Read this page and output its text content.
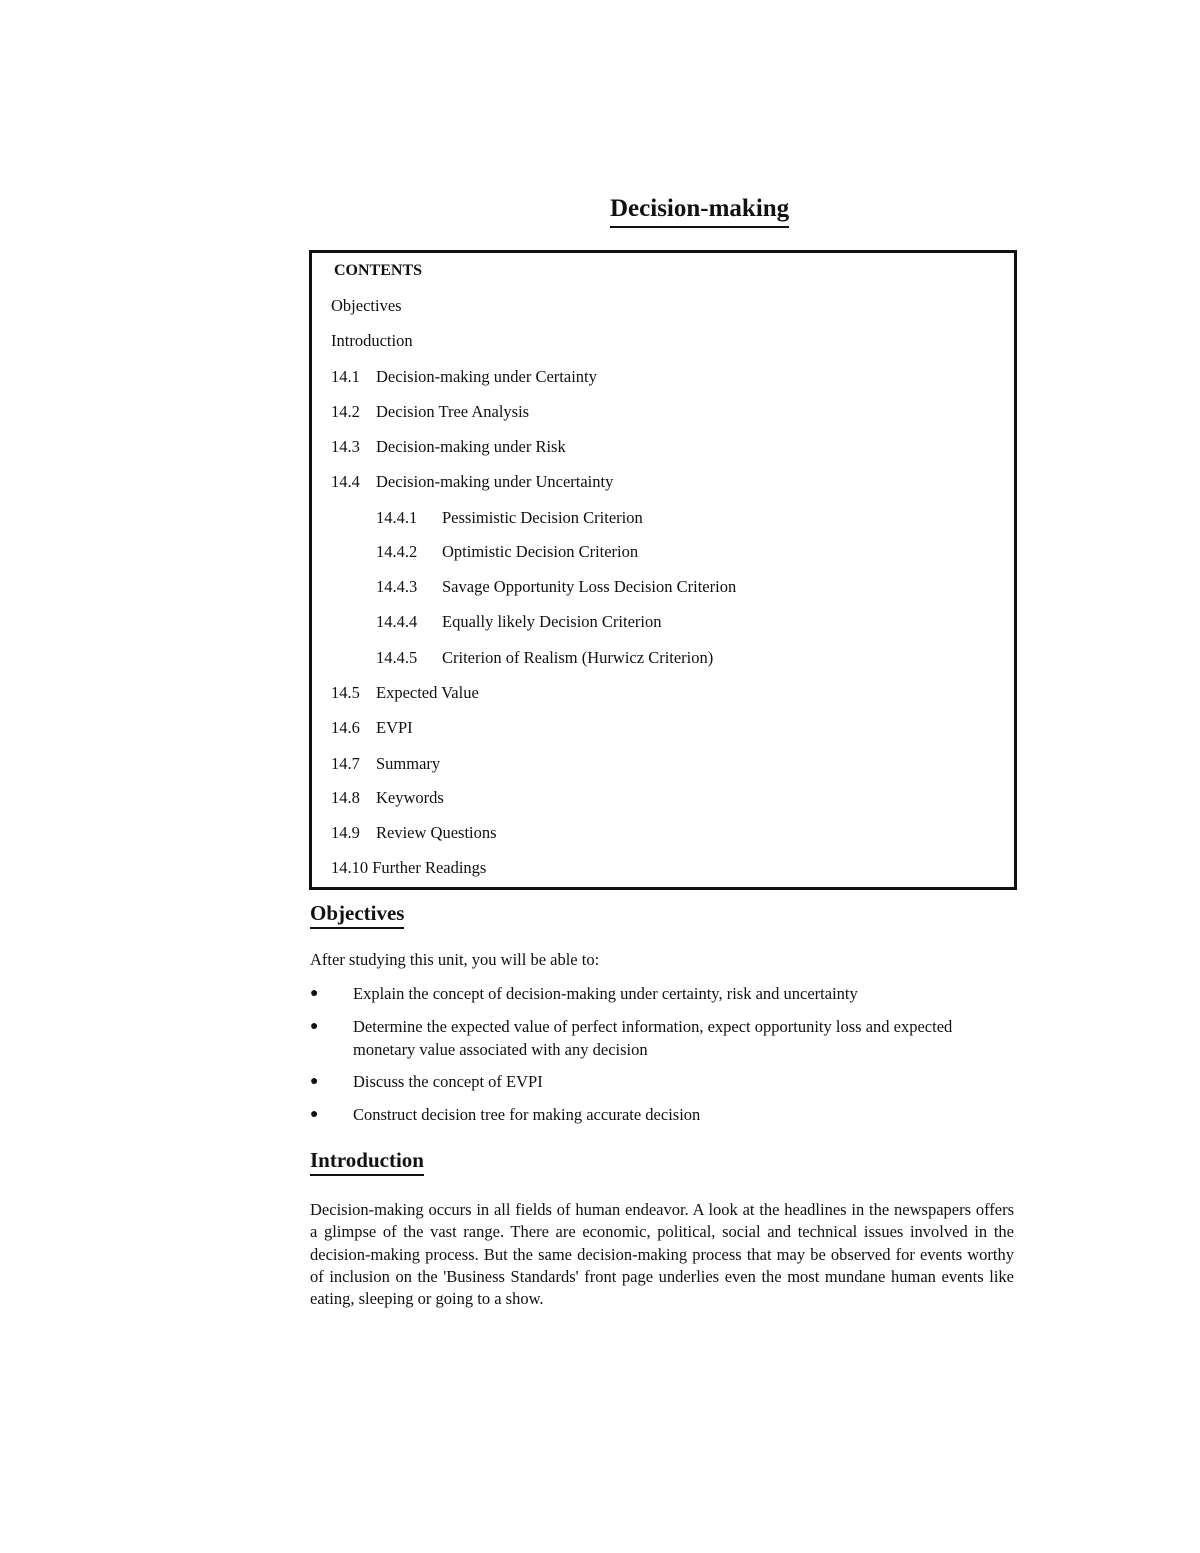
Decision-making
CONTENTS
Objectives
Introduction
14.1 Decision-making under Certainty
14.2 Decision Tree Analysis
14.3 Decision-making under Risk
14.4 Decision-making under Uncertainty
14.4.1 Pessimistic Decision Criterion
14.4.2 Optimistic Decision Criterion
14.4.3 Savage Opportunity Loss Decision Criterion
14.4.4 Equally likely Decision Criterion
14.4.5 Criterion of Realism (Hurwicz Criterion)
14.5 Expected Value
14.6 EVPI
14.7 Summary
14.8 Keywords
14.9 Review Questions
14.10 Further Readings
Objectives
After studying this unit, you will be able to:
● Explain the concept of decision-making under certainty, risk and uncertainty
● Determine the expected value of perfect information, expect opportunity loss and expected monetary value associated with any decision
● Discuss the concept of EVPI
● Construct decision tree for making accurate decision
Introduction
Decision-making occurs in all fields of human endeavor. A look at the headlines in the newspapers offers a glimpse of the vast range. There are economic, political, social and technical issues involved in the decision-making process. But the same decision-making process that may be observed for events worthy of inclusion on the 'Business Standards' front page underlies even the most mundane human events like eating, sleeping or going to a show.
